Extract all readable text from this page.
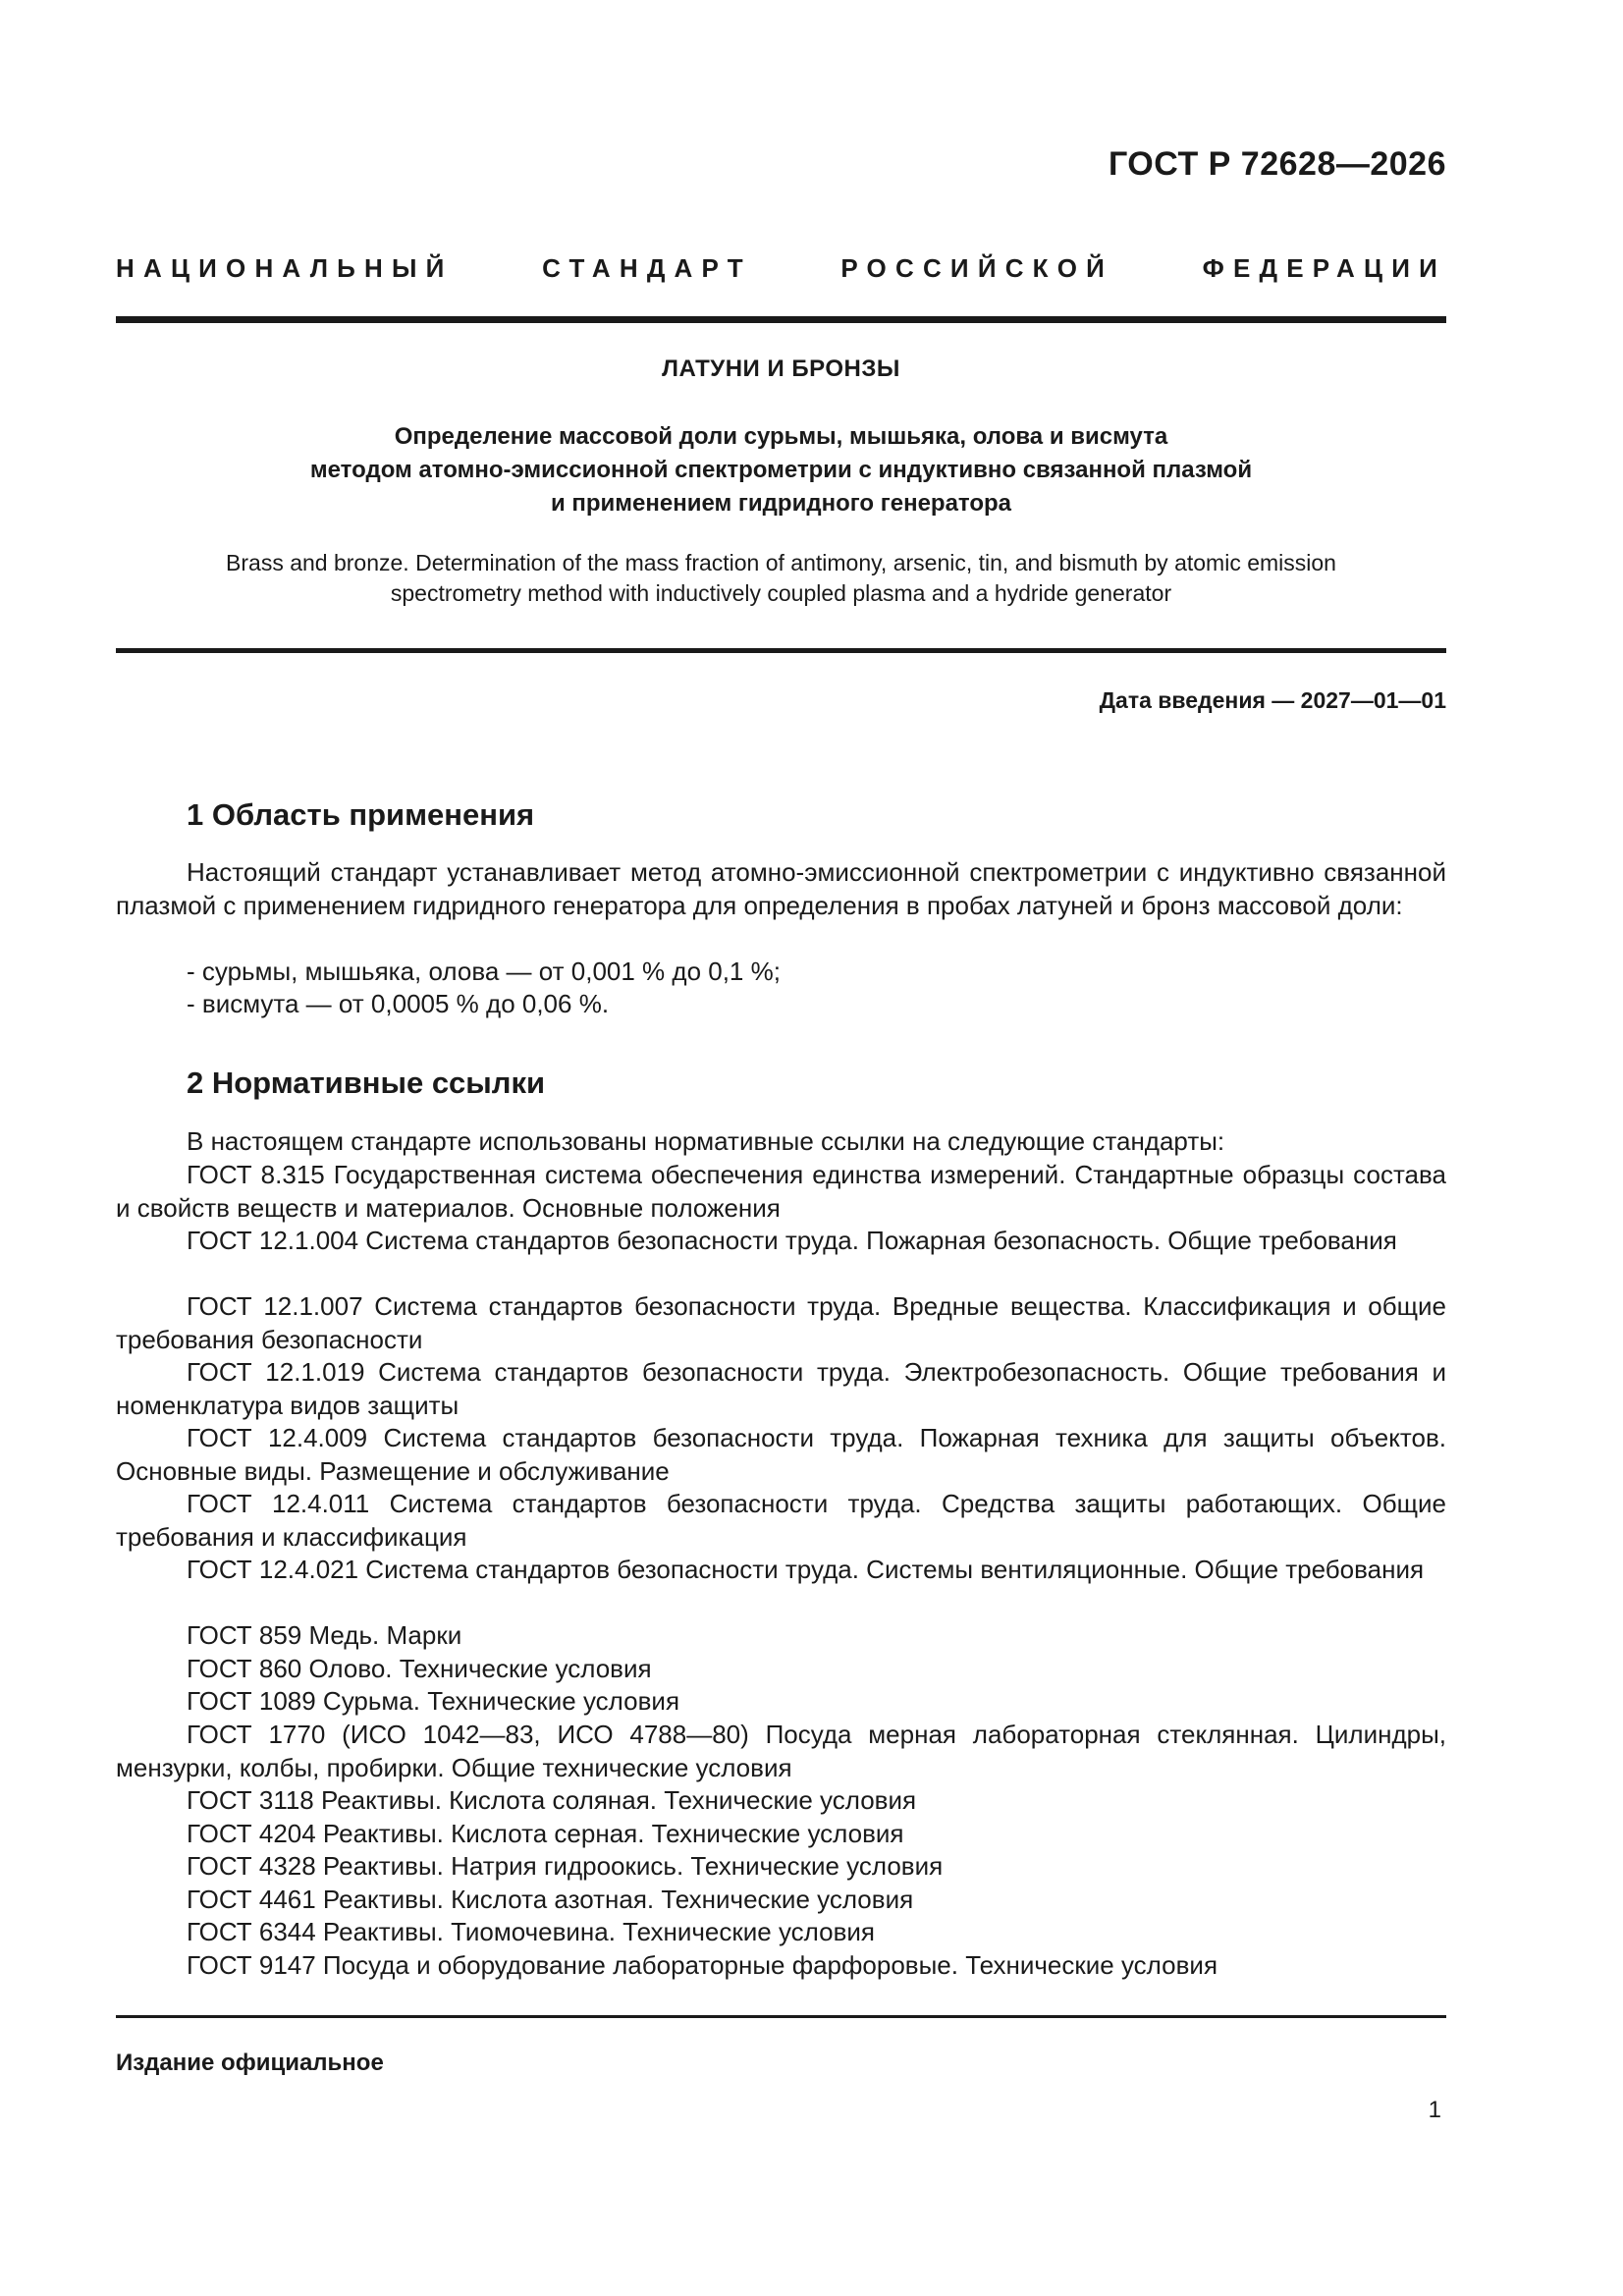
ГОСТ Р 72628—2026
НАЦИОНАЛЬНЫЙ СТАНДАРТ РОССИЙСКОЙ ФЕДЕРАЦИИ
ЛАТУНИ И БРОНЗЫ
Определение массовой доли сурьмы, мышьяка, олова и висмута
методом атомно-эмиссионной спектрометрии с индуктивно связанной плазмой
и применением гидридного генератора
Brass and bronze. Determination of the mass fraction of antimony, arsenic, tin, and bismuth by atomic emission
spectrometry method with inductively coupled plasma and a hydride generator
Дата введения — 2027—01—01
1 Область применения
Настоящий стандарт устанавливает метод атомно-эмиссионной спектрометрии с индуктивно связанной плазмой с применением гидридного генератора для определения в пробах латуней и бронз массовой доли:
- сурьмы, мышьяка, олова — от 0,001 % до 0,1 %;
- висмута — от 0,0005 % до 0,06 %.
2 Нормативные ссылки
В настоящем стандарте использованы нормативные ссылки на следующие стандарты:
ГОСТ 8.315 Государственная система обеспечения единства измерений. Стандартные образцы состава и свойств веществ и материалов. Основные положения
ГОСТ 12.1.004 Система стандартов безопасности труда. Пожарная безопасность. Общие требования
ГОСТ 12.1.007 Система стандартов безопасности труда. Вредные вещества. Классификация и общие требования безопасности
ГОСТ 12.1.019 Система стандартов безопасности труда. Электробезопасность. Общие требования и номенклатура видов защиты
ГОСТ 12.4.009 Система стандартов безопасности труда. Пожарная техника для защиты объектов. Основные виды. Размещение и обслуживание
ГОСТ 12.4.011 Система стандартов безопасности труда. Средства защиты работающих. Общие требования и классификация
ГОСТ 12.4.021 Система стандартов безопасности труда. Системы вентиляционные. Общие требования
ГОСТ 859 Медь. Марки
ГОСТ 860 Олово. Технические условия
ГОСТ 1089 Сурьма. Технические условия
ГОСТ 1770 (ИСО 1042—83, ИСО 4788—80) Посуда мерная лабораторная стеклянная. Цилиндры, мензурки, колбы, пробирки. Общие технические условия
ГОСТ 3118 Реактивы. Кислота соляная. Технические условия
ГОСТ 4204 Реактивы. Кислота серная. Технические условия
ГОСТ 4328 Реактивы. Натрия гидроокись. Технические условия
ГОСТ 4461 Реактивы. Кислота азотная. Технические условия
ГОСТ 6344 Реактивы. Тиомочевина. Технические условия
ГОСТ 9147 Посуда и оборудование лабораторные фарфоровые. Технические условия
Издание официальное
1
